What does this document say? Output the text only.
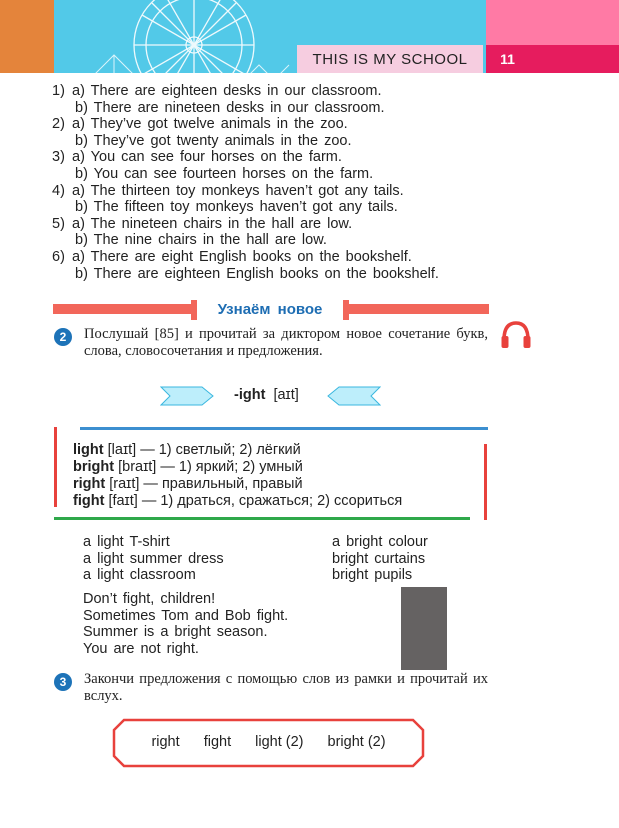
THIS IS MY SCHOOL	11
1) a) There are eighteen desks in our classroom.
b) There are nineteen desks in our classroom.
2) a) They’ve got twelve animals in the zoo.
b) They’ve got twenty animals in the zoo.
3) a) You can see four horses on the farm.
b) You can see fourteen horses on the farm.
4) a) The thirteen toy monkeys haven’t got any tails.
b) The fifteen toy monkeys haven’t got any tails.
5) a) The nineteen chairs in the hall are low.
b) The nine chairs in the hall are low.
6) a) There are eight English books on the bookshelf.
b) There are eighteen English books on the bookshelf.
Узнаём новое
2	Послушай [85] и прочитай за диктором новое сочетание букв, слова, словосочетания и предложения.
-ight [aɪt]
light [laɪt] — 1) светлый; 2) лёгкий
bright [braɪt] — 1) яркий; 2) умный
right [raɪt] — правильный, правый
fight [faɪt] — 1) драться, сражаться; 2) ссориться
a light T-shirt
a light summer dress
a light classroom
a bright colour
bright curtains
bright pupils
Don’t fight, children!
Sometimes Tom and Bob fight.
Summer is a bright season.
You are not right.
3	Закончи предложения с помощью слов из рамки и прочитай их вслух.
right fight light (2) bright (2)
